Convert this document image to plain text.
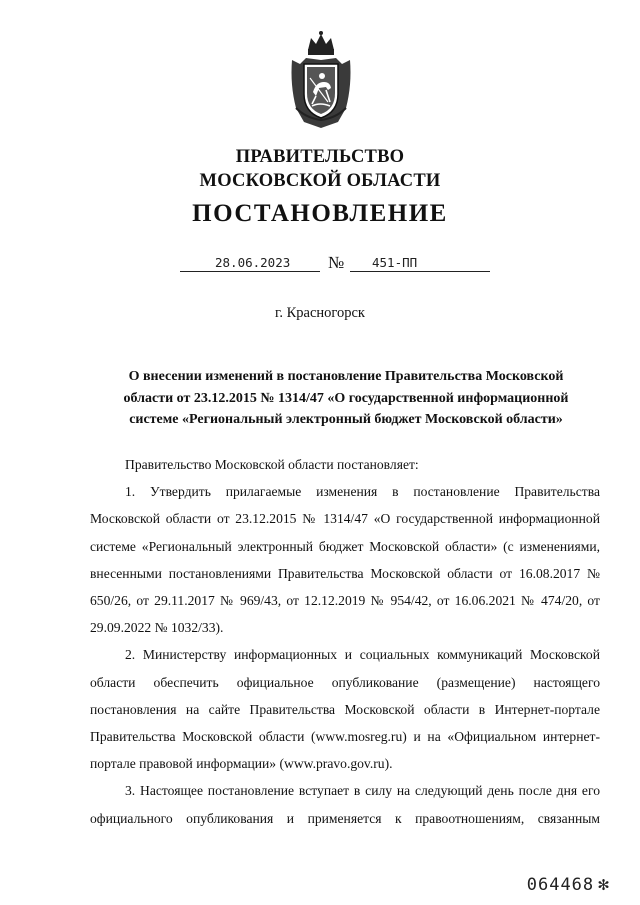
ПРАВИТЕЛЬСТВО
МОСКОВСКОЙ ОБЛАСТИ
ПОСТАНОВЛЕНИЕ
28.06.2023 № 451-ПП
г. Красногорск
О внесении изменений в постановление Правительства Московской
области от 23.12.2015 № 1314/47 «О государственной информационной
системе «Региональный электронный бюджет Московской области»

Правительство Московской области постановляет:

1. Утвердить прилагаемые изменения в постановление Правительства Московской области от 23.12.2015 № 1314/47 «О государственной информационной системе «Региональный электронный бюджет Московской области» (с изменениями, внесенными постановлениями Правительства Московской области от 16.08.2017 № 650/26, от 29.11.2017 № 969/43, от 12.12.2019 № 954/42, от 16.06.2021 № 474/20, от 29.09.2022 № 1032/33).

2. Министерству информационных и социальных коммуникаций Московской области обеспечить официальное опубликование (размещение) настоящего постановления на сайте Правительства Московской области в Интернет-портале Правительства Московской области (www.mosreg.ru) и на «Официальном интернет-портале правовой информации» (www.pravo.gov.ru).

3. Настоящее постановление вступает в силу на следующий день после дня его официального опубликования и применяется к правоотношениям, связанным

064468 ✻
